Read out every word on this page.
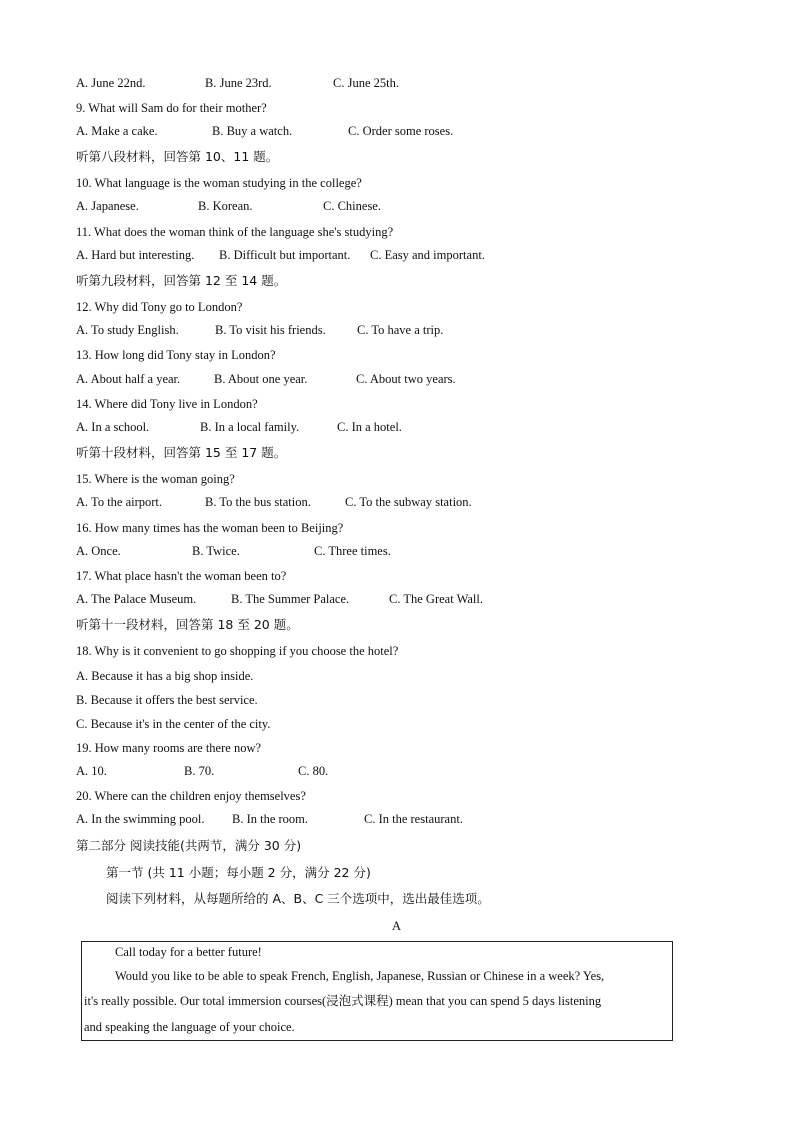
A. June 22nd.	B. June 23rd.	C. June 25th.
9. What will Sam do for their mother?
A. Make a cake.	B. Buy a watch.	C. Order some roses.
听第八段材料，回答第 10、11 题。
10. What language is the woman studying in the college?
A. Japanese.	B. Korean.	C. Chinese.
11. What does the woman think of the language she's studying?
A. Hard but interesting. B. Difficult but important. C. Easy and important.
听第九段材料，回答第 12 至 14 题。
12. Why did Tony go to London?
A. To study English.	B. To visit his friends.	C. To have a trip.
13. How long did Tony stay in London?
A. About half a year.	B. About one year.	C. About two years.
14. Where did Tony live in London?
A. In a school.	B. In a local family.	C. In a hotel.
听第十段材料，回答第 15 至 17 题。
15. Where is the woman going?
A. To the airport.	B. To the bus station.	C. To the subway station.
16. How many times has the woman been to Beijing?
A. Once.	B. Twice.	C. Three times.
17. What place hasn't the woman been to?
A. The Palace Museum.	B. The Summer Palace.	C. The Great Wall.
听第十一段材料，回答第 18 至 20 题。
18. Why is it convenient to go shopping if you choose the hotel?
A. Because it has a big shop inside.
B. Because it offers the best service.
C. Because it's in the center of the city.
19. How many rooms are there now?
A. 10.	B. 70.	C. 80.
20. Where can the children enjoy themselves?
A. In the swimming pool. B. In the room.	C. In the restaurant.
第二部分 阅读技能(共两节，满分 30 分)
第一节 (共 11 小题；每小题 2 分，满分 22 分)
阅读下列材料，从每题所给的 A、B、C 三个选项中，选出最佳选项。
A
Call today for a better future!
Would you like to be able to speak French, English, Japanese, Russian or Chinese in a week? Yes,
it's really possible. Our total immersion courses(浸泡式课程) mean that you can spend 5 days listening
and speaking the language of your choice.
